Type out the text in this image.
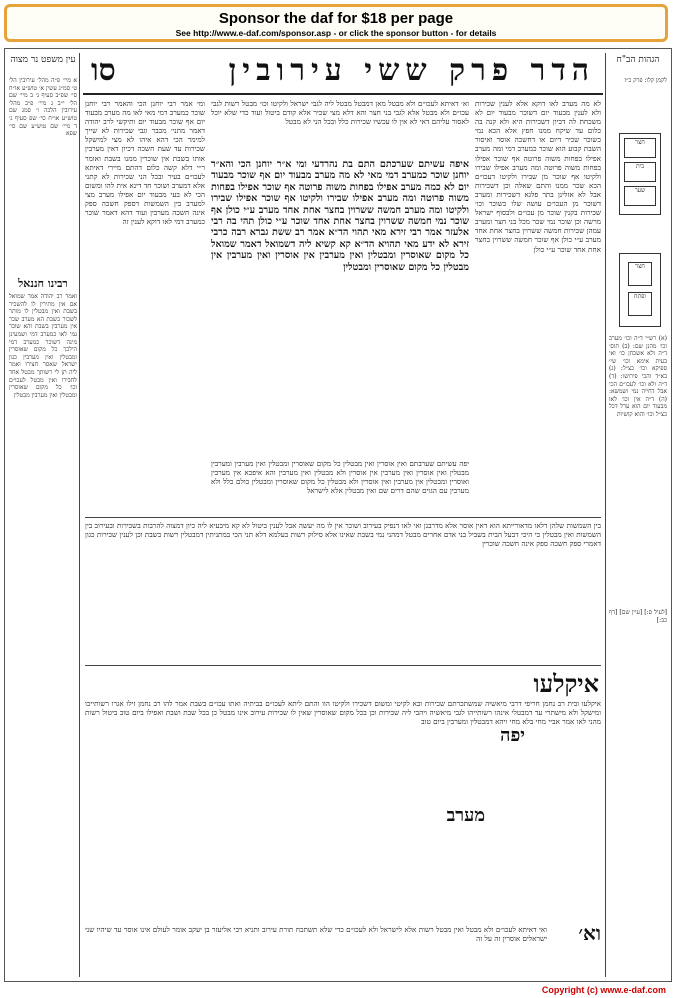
Sponsor the daf for $18 per page
See http://www.e-daf.com/sponsor.asp - or click the sponsor button - for details
סו	הדר פרק ששי עירובין
עין משפט נר מצוה
א מיי׳ פ״ה מהל׳ עירובין הל׳ ט׳ סמ״ג עשין א׳ טוש״ע או״ח סי׳ שפ״ב סעיף ג׳ ב מיי׳ שם הל׳ י״ב ג מיי׳ פ״ב מהל׳ עירובין הלכה ו׳ סמג שם טוש״ע או״ח סי׳ שפ סעיף ג׳ ד מיי׳ שם טוש״ע שם סי׳ שפא
רבינו חננאל
ואמר רב יהודה אמר שמואל אם אין מתירין לו להשכיר בשבת ואין מבטלין לו מותר לשכור בשבת הא מערב שכר אין מערבין בשבת והא שוכר נמי לאו כמערב דמי ושמעינן מינה דשוכר כמערב דמי הילכך כל מקום שאוסרין ומבטלין ואין מערבין כגון ישראל שאסר חצירו ואמר ליה תן לי רשותך מבטל אחד לחבירו ואין מבטל לעכו״ם וכו׳ כל מקום שאוסרין ומבטלין ואין מערבין מבטלין
הגהות הב"ח
לקמן קלו: פרק כ״ז
חצר
בית
שער
חצר
ופתח
(א) רש״י ד״ה וכו׳ מערב וכו׳ מהנן שם: (ב) תוס׳ ד״ה ולא אשכחן כו׳ ואי בעית אימא וכו׳ שי׳ ספיקא וכו׳ כצ״ל: (ג) בא״ד והכי פירושו: (ד) ד״ה ולא וכו׳ לעכו״ם הכי אבל דחייה נמי ושמשא: (ה) ד״ה אין וכו׳ לאו מבעוד יום הוא ערל דכל כצ״ל וכו׳ והוא קושיות
[לעיל ס:] [עיין שם] [דף כב:]
לא מה מערב לאו דוקא אלא לענין שכירות ולא לענין מבעוד יום דשוכר מבעוד יום לא משכחת לה דכיון דשכירות היא ולא קנה בה כלום עד שיקח ממנו חפץ אלא הכא נמי כשוכר שכיר דיום או דחשכה אוסר ואיסור השבת קבוע הוא שוכר כמערב דמי ומה מערב אפילו בפחות משוה פרוטה אף שוכר אפילו בפחות משוה פרוטה ומה מערב אפילו שבירו ולקיטו אף שוכר מן שבירו ולקיטו דעכו״ם הכא שכר ממנו והתם שאלה וכן דשכירות אבל לא אזלינן בתר פלגא דשכירות ומערב דשוכר מן העכו״ם עושה שלו כשוכר וכו׳ שכירות בקנין שוכר מן עכו״ם ולבסוף ישראל מרשה וכן שוכר נמי שכר מכל בני חצר ומערב עמהן שכירות חמשה ששרוין בחצר אחת אחד מערב ע״י כולן אף שוכר חמשה ששרוין בחצר אחת אחד שוכר ע״י כולן
ומי אמר רבי יוחנן הכי והאמר רבי יוחנן שוכר כמערב דמי מאי לאו מה מערב מבעוד יום אף שוכר מבעוד יום ותיקשי לרב יהודה דאמר מתני׳ מכבר וגבי שכירות לא שייך למימר הכי דהא איהו לא מצי למישקל שכירות עד שעת חשכה דכיון דאין מערבין אותו בשבת אין שוכרין ממנו בשבת ואומר ר״י דלא קשה כלום דהתם מיירי דאיתא לעכו״ם בעיר ובכל הני שכירות לא קתני אלא דמערב ושוכר חד דינא אית להו ומשום הכי לא בעי מבעוד יום אפילו מערב מצי למערב בין השמשות דספק חשכה ספק אינה חשכה מערבין ועוד דהא דאמר שוכר כמערב דמי לאו דוקא לענין זה
איפה עשיתם שערכתם התם בת נהרדעי ומי א״ר יוחנן הכי והא״ר יוחנן שוכר כמערב דמי מאי לא מה מערב מבעוד יום אף שוכר מבעוד יום לא כמה מערב אפילו בפחות משוה פרוטה אף שוכר אפילו בפחות משוה פרוטה ומה מערב אפילו שבירו ולקיטו אף שוכר אפילו שבירו ולקיטו ומה מערב חמשה ששרוין בחצר אחת אחד מערב ע״י כולן אף שוכר נמי חמשה ששרוין בחצר אחת אחד שוכר ע״י כולן תהי בה רבי אלעזר אמר רבי זירא מאי תהוי הד״א אמר רב ששת גברא רבה כרבי זירא לא ידע מאי תהויא הד״א קא קשיא ליה דשמואל דאמר שמואל כל מקום שאוסרין ומבטלין ואין מערבין אין אוסרין ואין מערבין אין מבטלין כל מקום שאוסרין ומבטלין
וא׳ דאיתא לעכו״ם ולא מבטל מאן דמבטל מבטל ליה לגבי ישראל ולקיטו וכו׳ מבטל רשות לגבי עכו״ם ולא מבטל אלא לגבי בני חצר והא דלא מצי שכיר אלא קודם ביטול ועוד כדי שלא יוכל לאסור עליהם דאי לא אין לו עכשיו שכירות כלל ובכל הני לא מבטל
יפה עשיתם שערבתם ואין אוסרין ואין מבטלין כל מקום שאוסרין ומבטלין ואין מערבין ומערבין מבטלין ואין אוסרין ואין מערבין אין אוסרין ולא מבטלין ואין מערבין והא איפכא אין מערבין ואוסרין ומבטלין אין מערבין ואין אוסרין ולא מבטלין כל מקום שאוסרין ומבטלין כולם כלל ולא מערבין עם הגוים שהם דרים שם ואין מבטלין אלא לישראל
בין השמשות שלהן דלאו מדאורייתא הוא דאין אוסר אלא מדרבנן ואי לאו דנפיק בעירוב ושוכר אין לו מה יעשה אבל לענין ביטול לא קא מיבעיא ליה כיון דמצוה להרבות בשכירות ובעירוב בין השמשות ואין מבטלין כי היכי דבעל הבית בשביל בני אדם אחרים מבטל דמהני נמי בשבת שאינו אלא סילוק רשות בעלמא דלא תני הכי במתניתין דמבטלין רשות בשבת וכן לענין שכירות כגון דאמרי ספק חשכה ספק אינה חשכה שוכרין
איקלעו
יפה
מערב
איקלעו ובית רב נחמן חריפי דרבי מיאשיה שמשתכרתם שכירות ובא לקיטי ומשום דשכירו ולקיטו הוו והתם ליתא לעכו״ם בביתיה ואתו עכו״ם בשבת אמר להו רב נחמן זילו אגרו רשותייכו ומישקל ולא מישתרי עד דמבטלי אינהו רשותייהו לגבי מיאשיה ויהבי ליה שכירות וכן בכל מקום שאוסרין שאין לו שכירות עירוב אינו מבטל כן בכל שבת ושבת ואפילו ביום טוב ביטול רשות מהני לאו אמר אביי מחי בלא מחי ויהא דמבטלין ומערבין ביום טוב
וא׳
ואי דאיתא לעכו״ם ולא מבטל ואין מבטל רשות אלא לישראל ולא לעכו״ם כדי שלא תשתכח תורת עירוב ותניא רבי אליעזר בן יעקב אומר לעולם אינו אוסר עד שיהיו שני ישראלים אוסרין זה על זה
Copyright (c) www.e-daf.com
